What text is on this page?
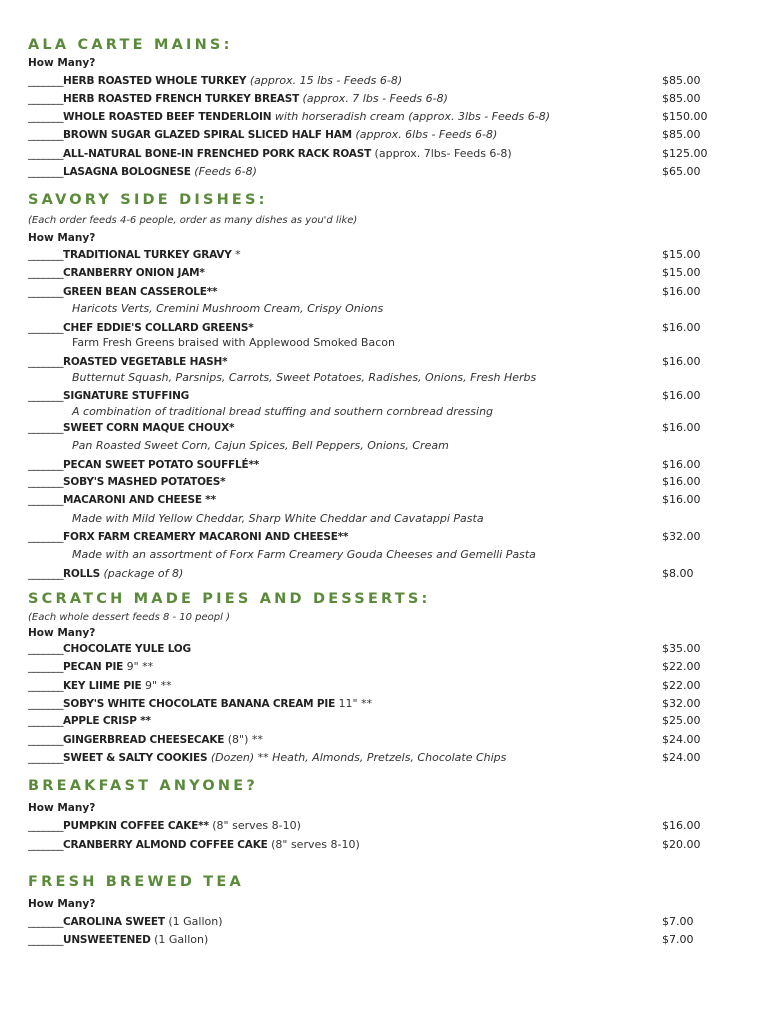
ALA CARTE MAINS:
How Many?
_______HERB ROASTED WHOLE TURKEY (approx. 15 lbs - Feeds 6-8)	$85.00
_______HERB ROASTED FRENCH TURKEY BREAST (approx. 7 lbs - Feeds 6-8)	$85.00
_______WHOLE ROASTED BEEF TENDERLOIN with horseradish cream (approx. 3lbs - Feeds 6-8)	$150.00
_______BROWN SUGAR GLAZED SPIRAL SLICED HALF HAM (approx. 6lbs - Feeds 6-8)	$85.00
_______ALL-NATURAL BONE-IN FRENCHED PORK RACK ROAST (approx. 7lbs- Feeds 6-8)	$125.00
_______LASAGNA BOLOGNESE (Feeds 6-8)	$65.00
SAVORY SIDE DISHES:
(Each order feeds 4-6 people, order as many dishes as you'd like)
How Many?
_______TRADITIONAL TURKEY GRAVY *	$15.00
_______CRANBERRY ONION JAM*	$15.00
_______GREEN BEAN CASSEROLE**	$16.00
Haricots Verts, Cremini Mushroom Cream, Crispy Onions
_______CHEF EDDIE'S COLLARD GREENS*	$16.00
Farm Fresh Greens braised with Applewood Smoked Bacon
_______ROASTED VEGETABLE HASH*	$16.00
Butternut Squash, Parsnips, Carrots, Sweet Potatoes, Radishes, Onions, Fresh Herbs
_______SIGNATURE STUFFING	$16.00
A combination of traditional bread stuffing and southern cornbread dressing
_______SWEET CORN MAQUE CHOUX*	$16.00
Pan Roasted Sweet Corn, Cajun Spices, Bell Peppers, Onions, Cream
_______PECAN SWEET POTATO SOUFFLÉ**	$16.00
_______SOBY'S MASHED POTATOES*	$16.00
_______MACARONI AND CHEESE **	$16.00
Made with Mild Yellow Cheddar, Sharp White Cheddar and Cavatappi Pasta
_______FORX FARM CREAMERY MACARONI AND CHEESE**	$32.00
Made with an assortment of Forx Farm Creamery Gouda Cheeses and Gemelli Pasta
_______ROLLS (package of 8)	$8.00
SCRATCH MADE PIES AND DESSERTS:
(Each whole dessert feeds 8 - 10 peopl )
How Many?
_______CHOCOLATE YULE LOG	$35.00
_______PECAN PIE 9" **	$22.00
_______KEY LIIME PIE 9" **	$22.00
_______SOBY'S WHITE CHOCOLATE BANANA CREAM PIE 11" **	$32.00
_______APPLE CRISP **	$25.00
_______GINGERBREAD CHEESECAKE (8") **	$24.00
_______SWEET & SALTY COOKIES (Dozen) ** Heath, Almonds, Pretzels, Chocolate Chips	$24.00
BREAKFAST ANYONE?
How Many?
_______PUMPKIN COFFEE CAKE** (8" serves 8-10)	$16.00
_______CRANBERRY ALMOND COFFEE CAKE (8" serves 8-10)	$20.00
FRESH BREWED TEA
How Many?
_______CAROLINA SWEET (1 Gallon)	$7.00
_______UNSWEETENED (1 Gallon)	$7.00
